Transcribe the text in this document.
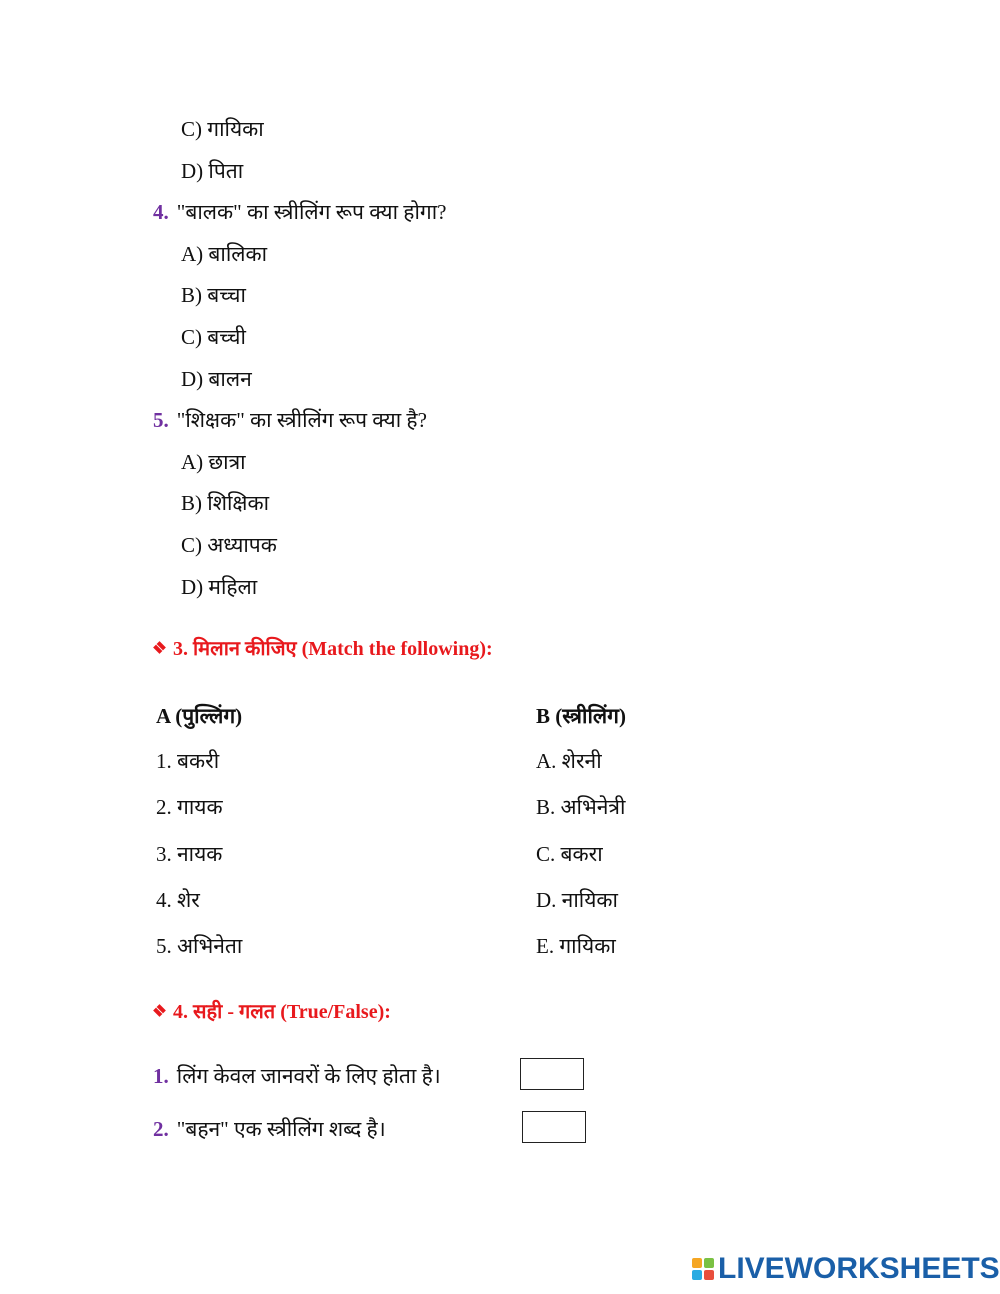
C) गायिका
D) पिता
4. "बालक" का स्त्रीलिंग रूप क्या होगा?
A) बालिका
B) बच्चा
C) बच्ची
D) बालन
5. "शिक्षक" का स्त्रीलिंग रूप क्या है?
A) छात्रा
B) शिक्षिका
C) अध्यापक
D) महिला
3. मिलान कीजिए (Match the following):
A (पुल्लिंग)	B (स्त्रीलिंग)
1. बकरी
2. गायक
3. नायक
4. शेर
5. अभिनेता
A. शेरनी
B. अभिनेत्री
C. बकरा
D. नायिका
E. गायिका
4. सही - गलत (True/False):
1. लिंग केवल जानवरों के लिए होता है।
2. "बहन" एक स्त्रीलिंग शब्द है।
LIVEWORKSHEETS
